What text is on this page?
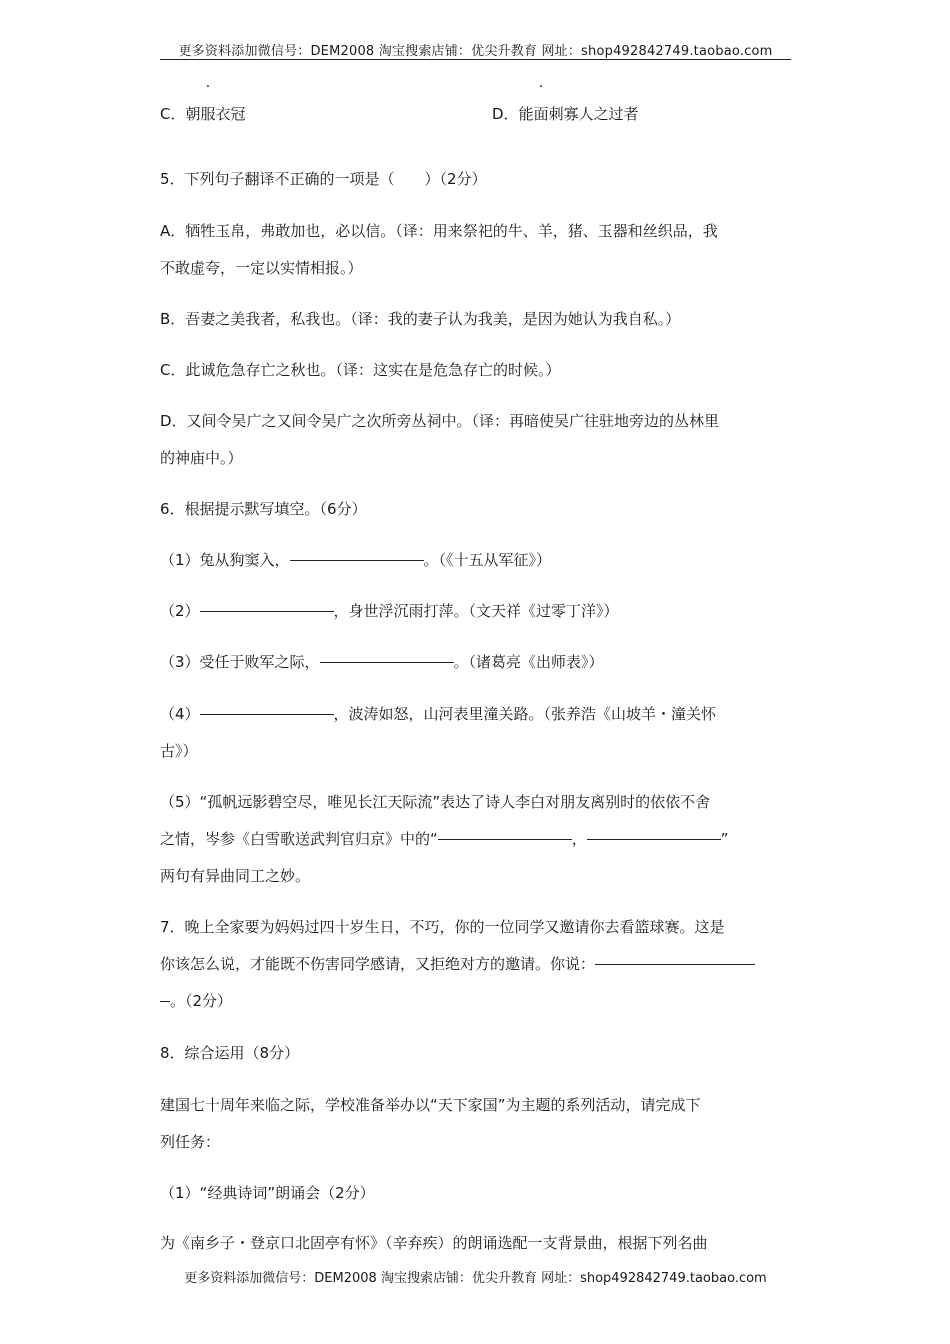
更多资料添加微信号：DEM2008 淘宝搜索店铺：优尖升教育 网址：shop492842749.taobao.com
C．朝服衣冠	D．能面刺寡人之过者
5．下列句子翻译不正确的一项是（　　）（2分）
A．牺牲玉帛，弗敢加也，必以信。（译：用来祭祀的牛、羊，猪、玉器和丝织品，我
不敢虚夸，一定以实情相报。）
B．吾妻之美我者，私我也。（译：我的妻子认为我美，是因为她认为我自私。）
C．此诚危急存亡之秋也。（译：这实在是危急存亡的时候。）
D．又间令吴广之又间令吴广之次所旁丛祠中。（译：再暗使吴广往驻地旁边的丛林里
的神庙中。）
6．根据提示默写填空。（6分）
（1）兔从狗窦入，	。（《十五从军征》）
（2）	，身世浮沉雨打萍。（文天祥《过零丁洋》）
（3）受任于败军之际，	。（诸葛亮《出师表》）
（4）	，波涛如怒，山河表里潼关路。（张养浩《山坡羊・潼关怀
古》）
（5）“孤帆远影碧空尽，唯见长江天际流”表达了诗人李白对朋友离别时的依依不舍
之情，岑参《白雪歌送武判官归京》中的“	，	”
两句有异曲同工之妙。
7．晚上全家要为妈妈过四十岁生日，不巧，你的一位同学又邀请你去看篮球赛。这是
你该怎么说，才能既不伤害同学感请，又拒绝对方的邀请。你说：
。（2分）
8．综合运用（8分）
建国七十周年来临之际，学校准备举办以“天下家国”为主题的系列活动，请完成下
列任务：
（1）“经典诗词”朗诵会（2分）
为《南乡子・登京口北固亭有怀》（辛弃疾）的朗诵选配一支背景曲，根据下列名曲
更多资料添加微信号：DEM2008 淘宝搜索店铺：优尖升教育 网址：shop492842749.taobao.com
